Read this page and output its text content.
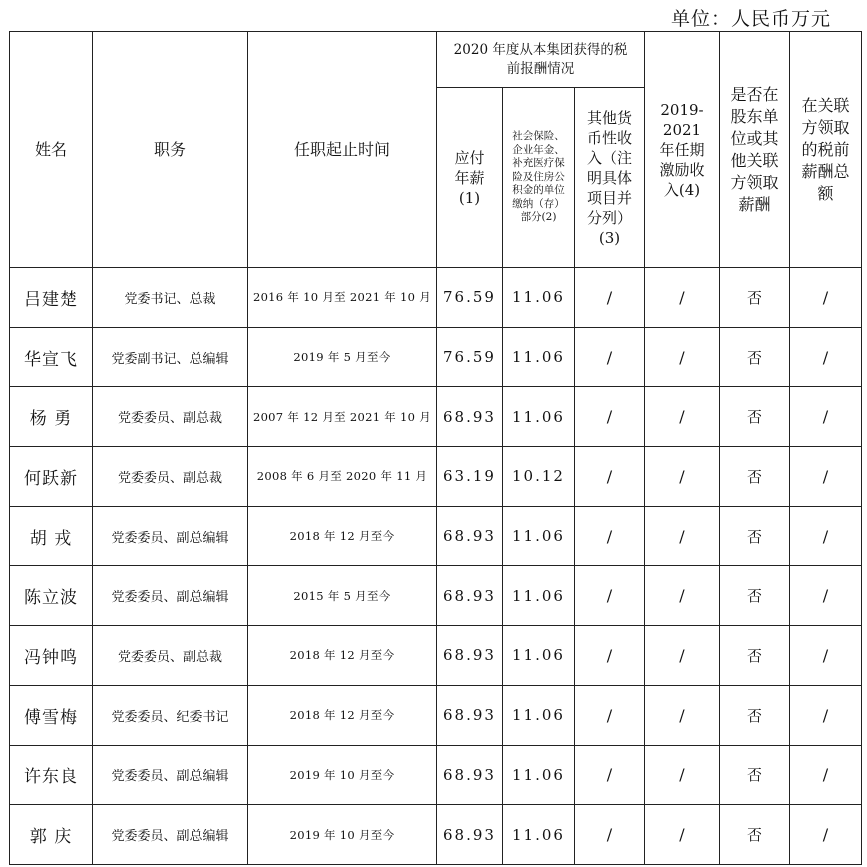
单位：人民币万元
姓名	职务	任职起止时间	2020 年度从本集团获得的税前报酬情况			2019-2021 年任期激励收入(4)	是否在股东单位或其他关联方领取薪酬	在关联方领取的税前薪酬总额
			应付年薪(1)	社会保险、企业年金、补充医疗保险及住房公积金的单位缴纳（存）部分(2)	其他货币性收入（注明具体项目并分列）(3)			
吕建楚	党委书记、总裁	2016 年 10 月至 2021 年 10 月	76.59	11.06	/	/	否	/
华宣飞	党委副书记、总编辑	2019 年 5 月至今	76.59	11.06	/	/	否	/
杨 勇	党委委员、副总裁	2007 年 12 月至 2021 年 10 月	68.93	11.06	/	/	否	/
何跃新	党委委员、副总裁	2008 年 6 月至 2020 年 11 月	63.19	10.12	/	/	否	/
胡 戎	党委委员、副总编辑	2018 年 12 月至今	68.93	11.06	/	/	否	/
陈立波	党委委员、副总编辑	2015 年 5 月至今	68.93	11.06	/	/	否	/
冯钟鸣	党委委员、副总裁	2018 年 12 月至今	68.93	11.06	/	/	否	/
傅雪梅	党委委员、纪委书记	2018 年 12 月至今	68.93	11.06	/	/	否	/
许东良	党委委员、副总编辑	2019 年 10 月至今	68.93	11.06	/	/	否	/
郭 庆	党委委员、副总编辑	2019 年 10 月至今	68.93	11.06	/	/	否	/
